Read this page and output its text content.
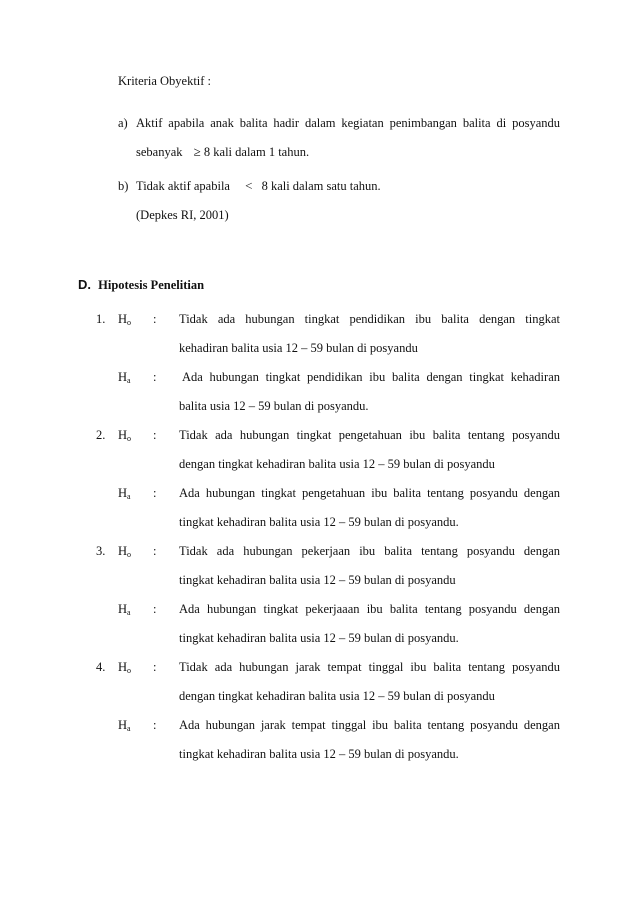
Kriteria Obyektif :
a) Aktif apabila anak balita hadir dalam kegiatan penimbangan balita di posyandu
sebanyak ≥ 8 kali dalam 1 tahun.
b) Tidak aktif apabila < 8 kali dalam satu tahun.
(Depkes RI, 2001)
D. Hipotesis Penelitian
1. $H_o$ : Tidak ada hubungan tingkat pendidikan ibu balita dengan tingkat
kehadiran balita usia 12 – 59 bulan di posyandu
$H_a$ : Ada hubungan tingkat pendidikan ibu balita dengan tingkat kehadiran
balita usia 12 – 59 bulan di posyandu.
2. $H_o$ : Tidak ada hubungan tingkat pengetahuan ibu balita tentang posyandu
dengan tingkat kehadiran balita usia 12 – 59 bulan di posyandu
$H_a$ : Ada hubungan tingkat pengetahuan ibu balita tentang posyandu dengan
tingkat kehadiran balita usia 12 – 59 bulan di posyandu.
3. $H_o$ : Tidak ada hubungan pekerjaan ibu balita tentang posyandu dengan
tingkat kehadiran balita usia 12 – 59 bulan di posyandu
$H_a$ : Ada hubungan tingkat pekerjaaan ibu balita tentang posyandu dengan
tingkat kehadiran balita usia 12 – 59 bulan di posyandu.
4. $H_o$ : Tidak ada hubungan jarak tempat tinggal ibu balita tentang posyandu
dengan tingkat kehadiran balita usia 12 – 59 bulan di posyandu
$H_a$ : Ada hubungan jarak tempat tinggal ibu balita tentang posyandu dengan
tingkat kehadiran balita usia 12 – 59 bulan di posyandu.
